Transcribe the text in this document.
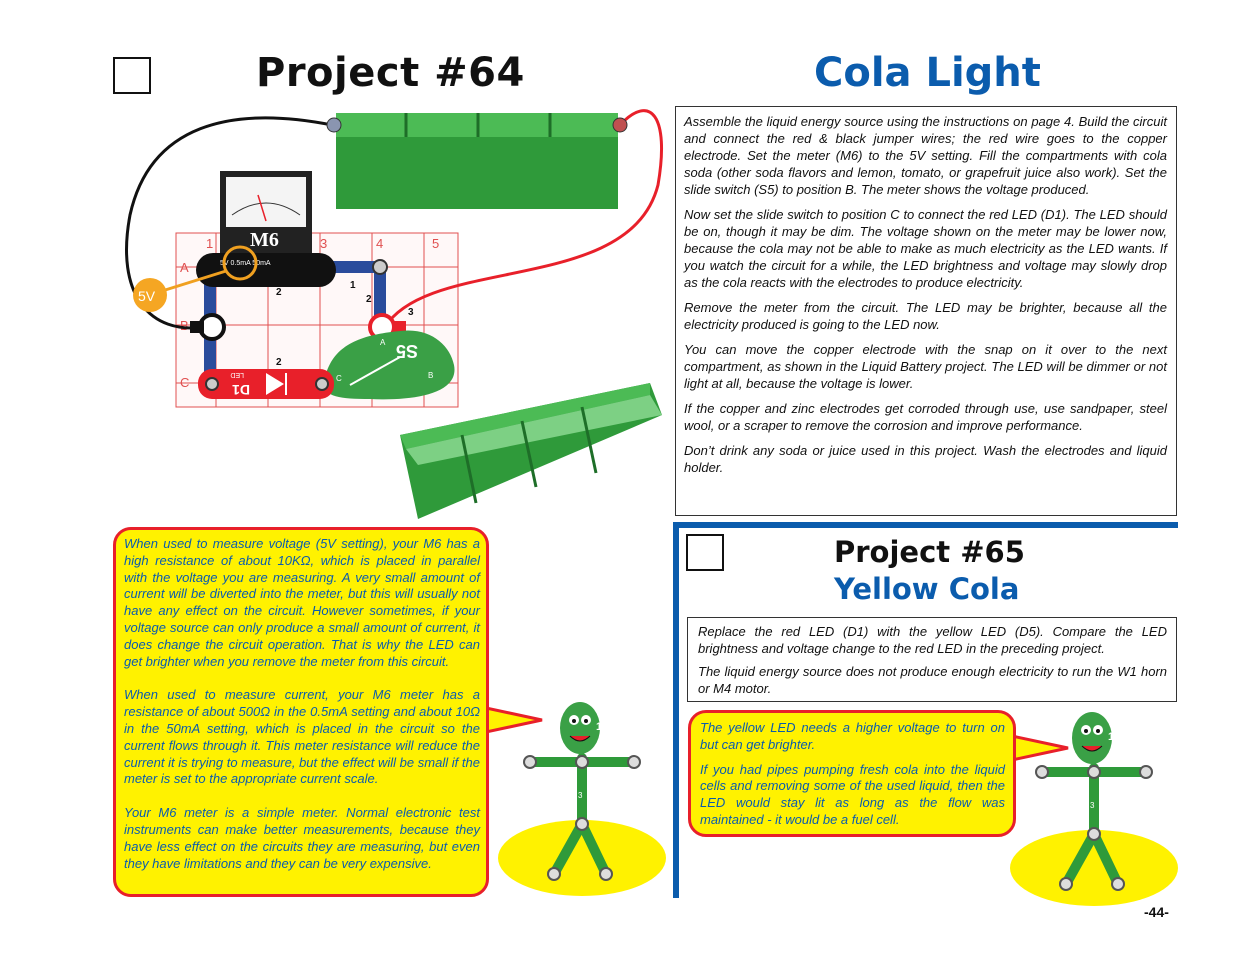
Project #64	Cola Light
1	3	4	5
A
B
C
2
1
2
3
2
M6
5V 0.5mA 50mA
5V
S5
A
B
C
D1
LED

Assemble the liquid energy source using the instructions on page 4. Build the circuit and connect the red & black jumper wires; the red wire goes to the copper electrode. Set the meter (M6) to the 5V setting. Fill the compartments with cola soda (other soda flavors and lemon, tomato, or grapefruit juice also work). Set the slide switch (S5) to position B. The meter shows the voltage produced.

Now set the slide switch to position C to connect the red LED (D1). The LED should be on, though it may be dim. The voltage shown on the meter may be lower now, because the cola may not be able to make as much electricity as the LED wants. If you watch the circuit for a while, the LED brightness and voltage may slowly drop as the cola reacts with the electrodes to produce electricity.

Remove the meter from the circuit. The LED may be brighter, because all the electricity produced is going to the LED now.

You can move the copper electrode with the snap on it over to the next compartment, as shown in the Liquid Battery project. The LED will be dimmer or not light at all, because the voltage is lower.

If the copper and zinc electrodes get corroded through use, use sandpaper, steel wool, or a scraper to remove the corrosion and improve performance.

Don’t drink any soda or juice used in this project. Wash the electrodes and liquid holder.

When used to measure voltage (5V setting), your M6 has a high resistance of about 10KΩ, which is placed in parallel with the voltage you are measuring. A very small amount of current will be diverted into the meter, but this will usually not have any effect on the circuit. However sometimes, if your voltage source can only produce a small amount of current, it does change the circuit operation. That is why the LED can get brighter when you remove the meter from this circuit.

When used to measure current, your M6 meter has a resistance of about 500Ω in the 0.5mA setting and about 10Ω in the 50mA setting, which is placed in the circuit so the current flows through it. This meter resistance will reduce the current it is trying to measure, but the effect will be small if the meter is set to the appropriate current scale.

Your M6 meter is a simple meter. Normal electronic test instruments can make better measurements, because they have less effect on the circuits they are measuring, but even they have limitations and they can be very expensive.

1
3
Project #65
Yellow Cola

Replace the red LED (D1) with the yellow LED (D5). Compare the LED brightness and voltage change to the red LED in the preceding project.

The liquid energy source does not produce enough electricity to run the W1 horn or M4 motor.

The yellow LED needs a higher voltage to turn on but can get brighter.

If you had pipes pumping fresh cola into the liquid cells and removing some of the used liquid, then the LED would stay lit as long as the flow was maintained - it would be a fuel cell.

1
3
-44-
